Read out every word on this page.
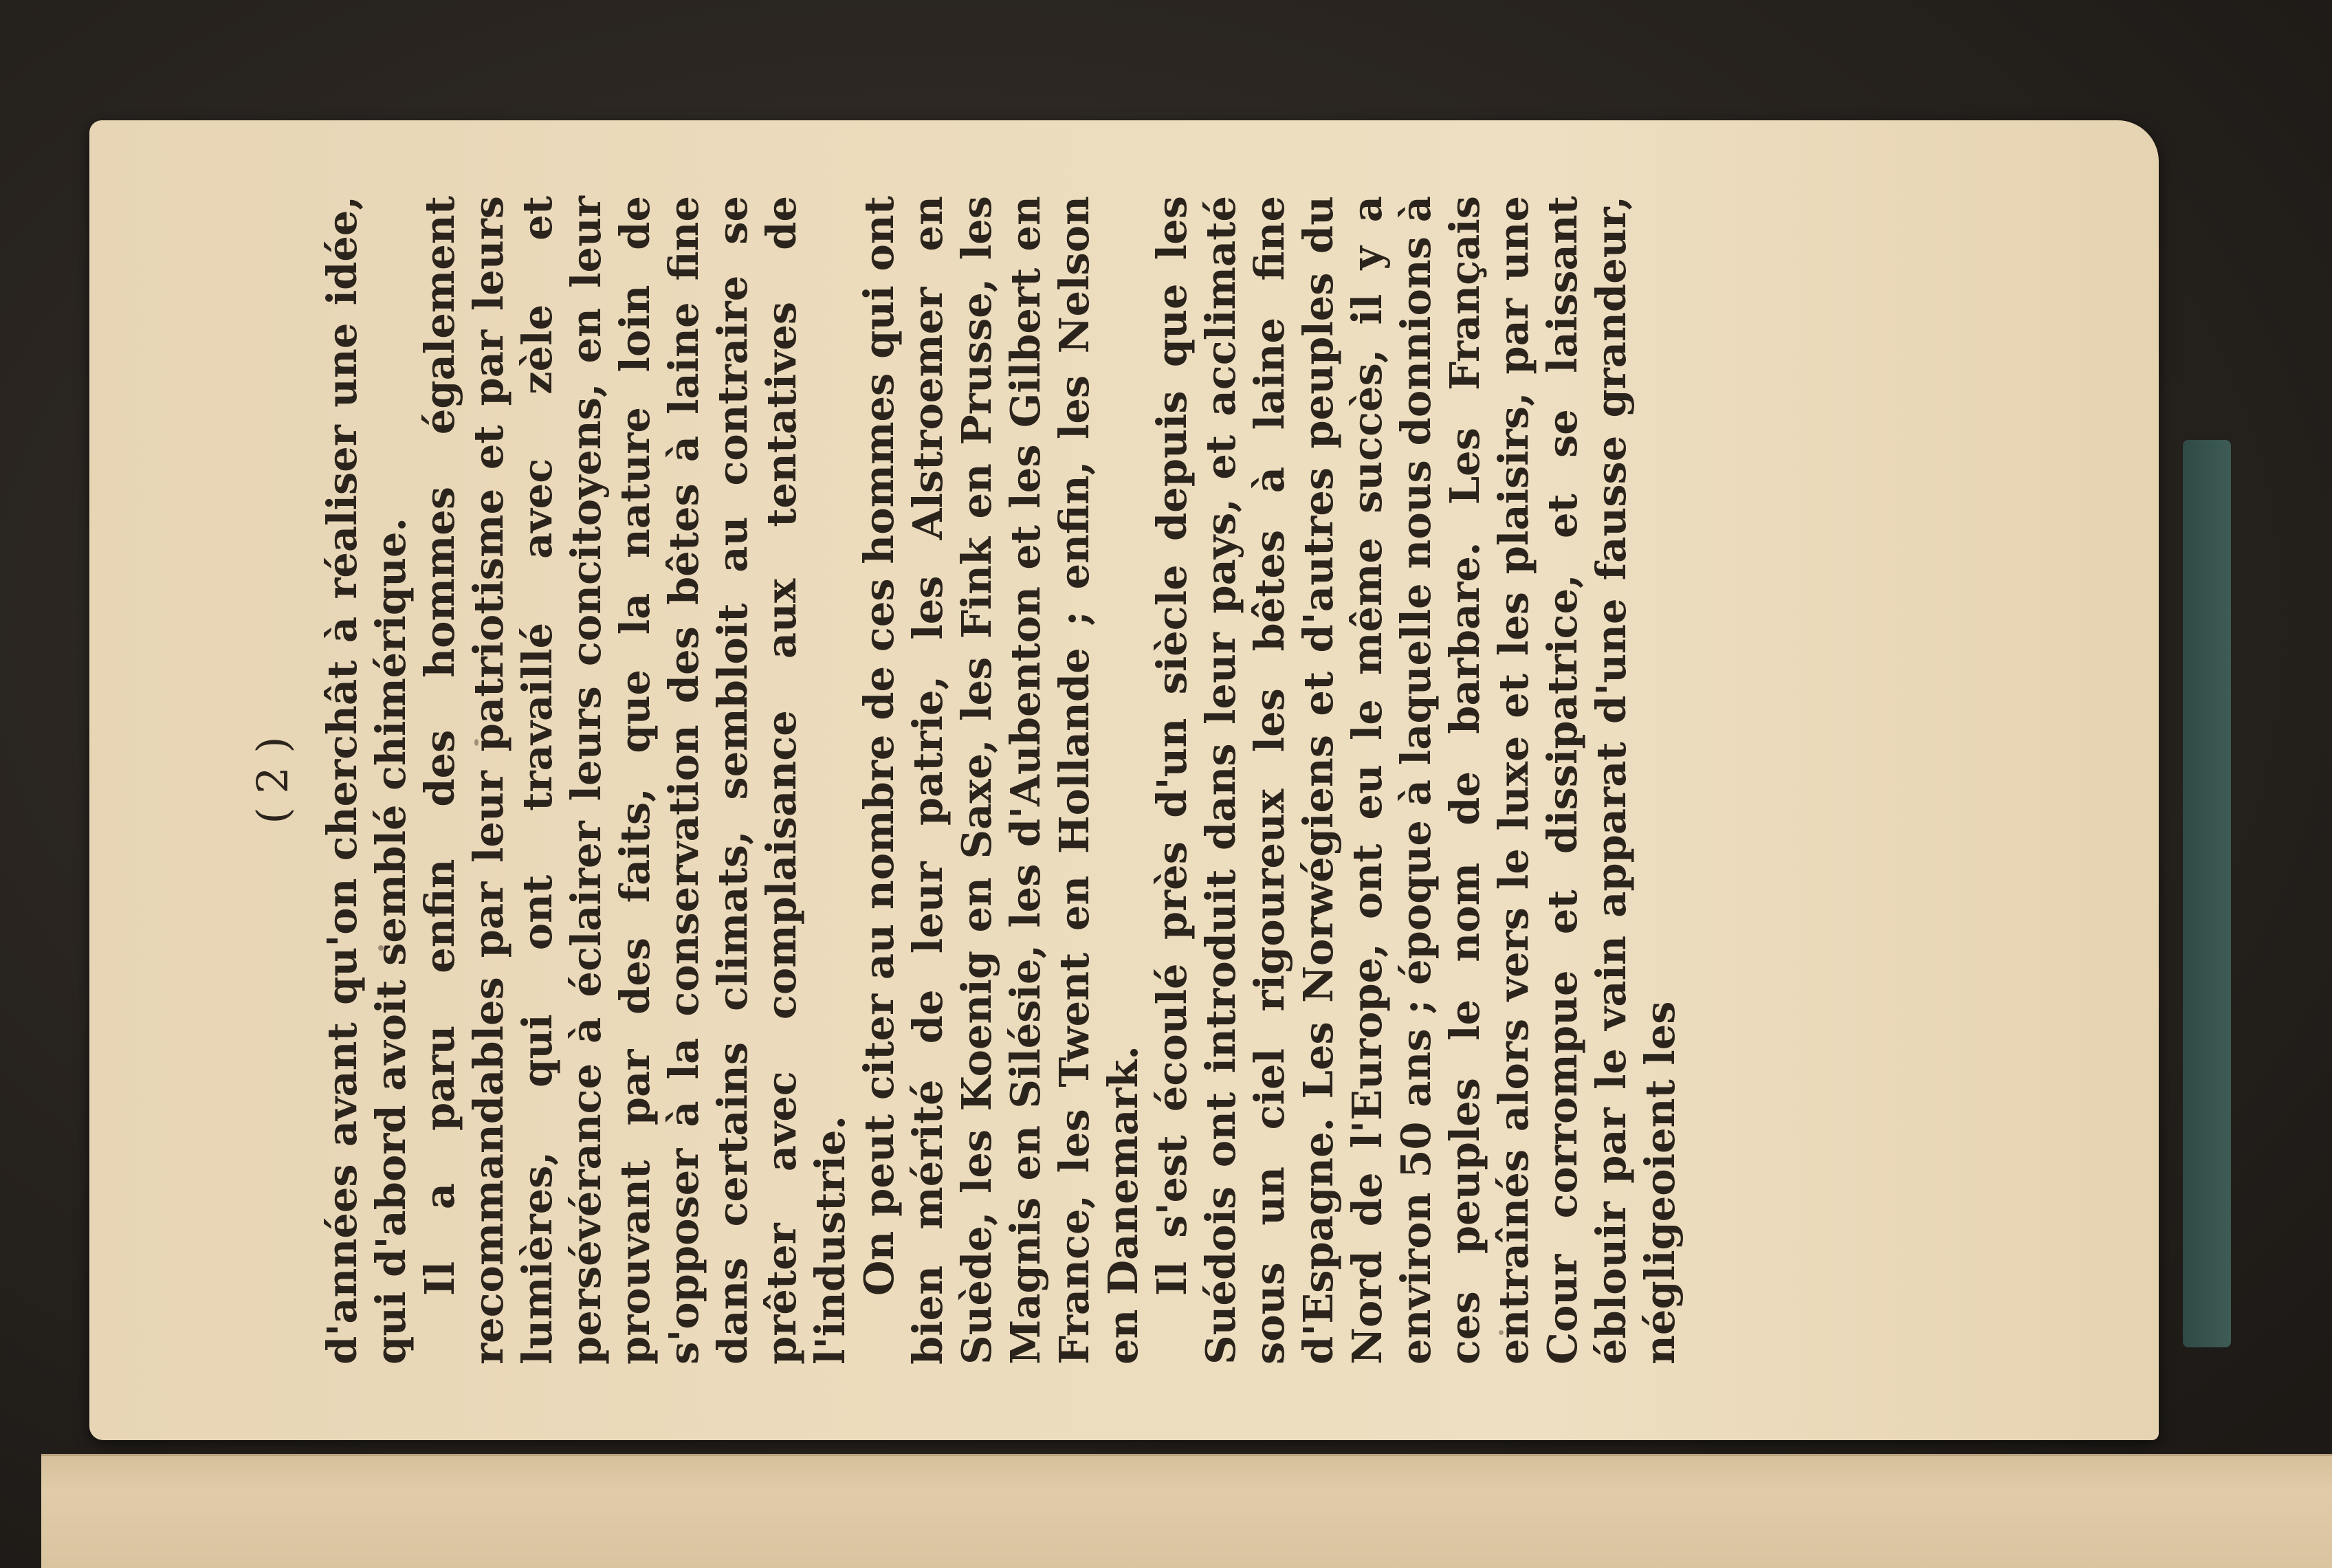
( 2 ) d'années avant qu'on cherchât à réaliser une idée, qui d'abord avoit semblé chimérique. Il a paru enfin des hommes également recommandables par leur patriotisme et par leurs lumières, qui ont travaillé avec zèle et persévérance à éclairer leurs concitoyens, en leur prouvant par des faits, que la nature loin de s'opposer à la conservation des bêtes à laine fine dans certains climats, sembloit au contraire se prêter avec complaisance aux tentatives de l'industrie. On peut citer au nombre de ces hommes qui ont bien mérité de leur patrie, les Alstroemer en Suède, les Koenig en Saxe, les Fink en Prusse, les Magnis en Silésie, les d'Aubenton et les Gilbert en France, les Twent en Hollande ; enfin, les Nelson en Danemark. Il s'est écoulé près d'un siècle depuis que les Suédois ont introduit dans leur pays, et acclimaté sous un ciel rigoureux les bêtes à laine fine d'Espagne. Les Norwégiens et d'autres peuples du Nord de l'Europe, ont eu le même succès, il y a environ 50 ans ; époque à laquelle nous donnions à ces peuples le nom de barbare. Les Français entraînés alors vers le luxe et les plaisirs, par une Cour corrompue et dissipatrice, et se laissant éblouir par le vain apparat d'une fausse grandeur, négligeoient les
